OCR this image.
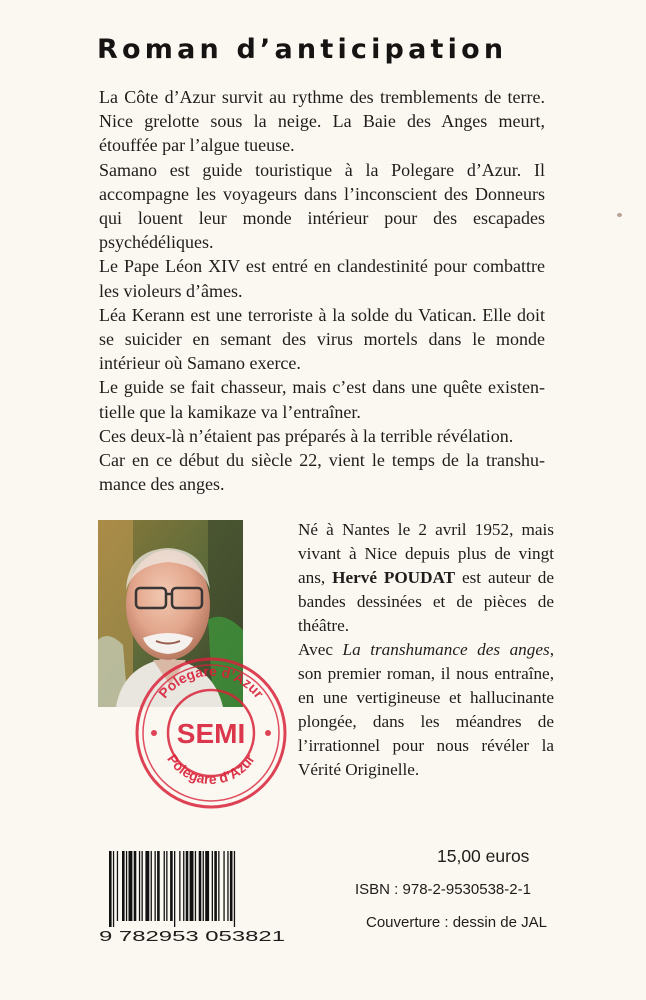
Roman d’anticipation

La Côte d’Azur survit au rythme des tremblements de terre. Nice grelotte sous la neige. La Baie des Anges meurt, étouffée par l’algue tueuse.

Samano est guide touristique à la Polegare d’Azur. Il accompagne les voyageurs dans l’inconscient des Donneurs qui louent leur monde intérieur pour des escapades psychédéliques.

Le Pape Léon XIV est entré en clandestinité pour combattre les violeurs d’âmes.

Léa Kerann est une terroriste à la solde du Vatican. Elle doit se suicider en semant des virus mortels dans le monde intérieur où Samano exerce.

Le guide se fait chasseur, mais c’est dans une quête existentielle que la kamikaze va l’entraîner.

Ces deux-là n’étaient pas préparés à la terrible révélation.

Car en ce début du siècle 22, vient le temps de la transhumance des anges.

Né à Nantes le 2 avril 1952, mais vivant à Nice depuis plus de vingt ans, Hervé POUDAT est auteur de bandes dessinées et de pièces de théâtre.

Avec La transhumance des anges, son premier roman, il nous entraîne, en une vertigineuse et hallucinante plongée, dans les méandres de l’irrationnel pour nous révéler la Vérité Originelle.

Polegare d’Azur
Polegare d’Azur
SEMI
9 782953 053821
15,00 euros
ISBN : 978-2-9530538-2-1
Couverture : dessin de JAL
